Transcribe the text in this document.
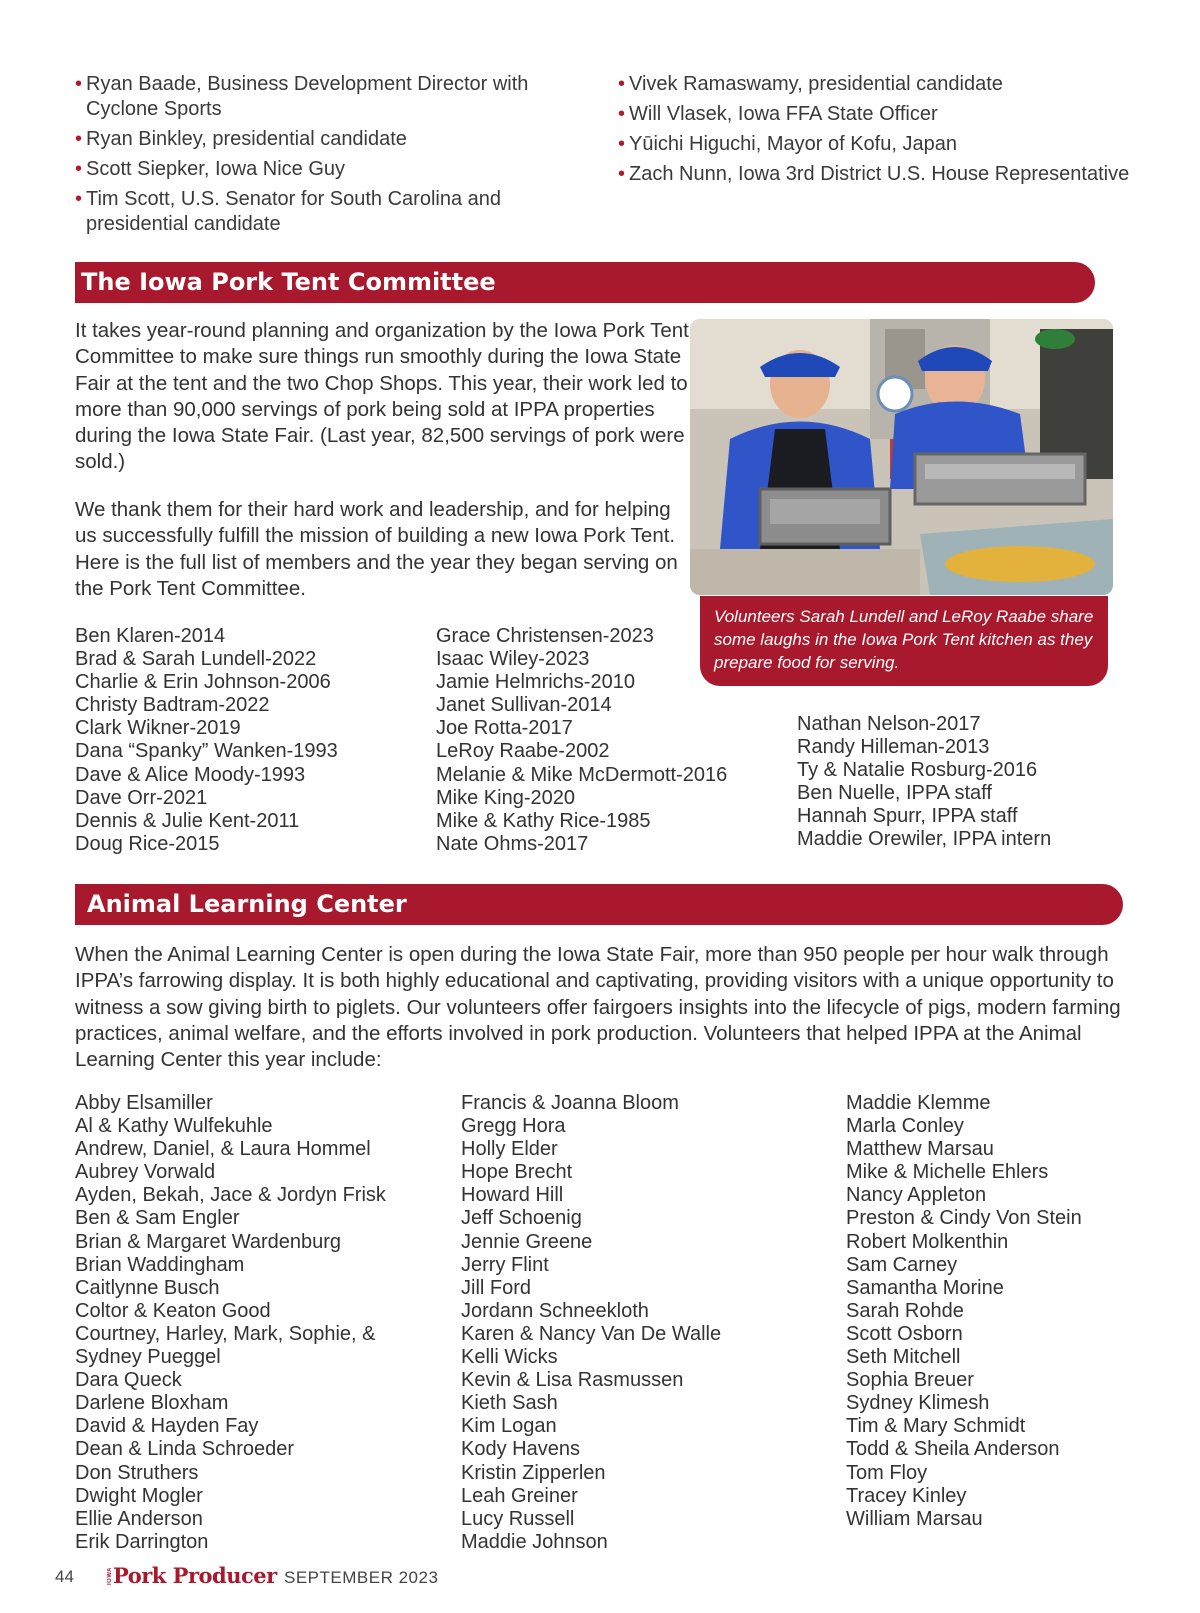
• Ryan Baade, Business Development Director with Cyclone Sports
• Ryan Binkley, presidential candidate
• Scott Siepker, Iowa Nice Guy
• Tim Scott, U.S. Senator for South Carolina and presidential candidate
• Vivek Ramaswamy, presidential candidate
• Will Vlasek, Iowa FFA State Officer
• Yūichi Higuchi, Mayor of Kofu, Japan
• Zach Nunn, Iowa 3rd District U.S. House Representative
The Iowa Pork Tent Committee

It takes year-round planning and organization by the Iowa Pork Tent Committee to make sure things run smoothly during the Iowa State Fair at the tent and the two Chop Shops. This year, their work led to more than 90,000 servings of pork being sold at IPPA properties during the Iowa State Fair. (Last year, 82,500 servings of pork were sold.)

We thank them for their hard work and leadership, and for helping us successfully fulfill the mission of building a new Iowa Pork Tent. Here is the full list of members and the year they began serving on the Pork Tent Committee.

Volunteers Sarah Lundell and LeRoy Raabe share some laughs in the Iowa Pork Tent kitchen as they prepare food for serving.
Ben Klaren-2014
Brad & Sarah Lundell-2022
Charlie & Erin Johnson-2006
Christy Badtram-2022
Clark Wikner-2019
Dana “Spanky” Wanken-1993
Dave & Alice Moody-1993
Dave Orr-2021
Dennis & Julie Kent-2011
Doug Rice-2015
Grace Christensen-2023
Isaac Wiley-2023
Jamie Helmrichs-2010
Janet Sullivan-2014
Joe Rotta-2017
LeRoy Raabe-2002
Melanie & Mike McDermott-2016
Mike King-2020
Mike & Kathy Rice-1985
Nate Ohms-2017
Nathan Nelson-2017
Randy Hilleman-2013
Ty & Natalie Rosburg-2016
Ben Nuelle, IPPA staff
Hannah Spurr, IPPA staff
Maddie Orewiler, IPPA intern
Animal Learning Center

When the Animal Learning Center is open during the Iowa State Fair, more than 950 people per hour walk through IPPA’s farrowing display. It is both highly educational and captivating, providing visitors with a unique opportunity to witness a sow giving birth to piglets. Our volunteers offer fairgoers insights into the lifecycle of pigs, modern farming practices, animal welfare, and the efforts involved in pork production. Volunteers that helped IPPA at the Animal Learning Center this year include:

Abby Elsamiller
Al & Kathy Wulfekuhle
Andrew, Daniel, & Laura Hommel
Aubrey Vorwald
Ayden, Bekah, Jace & Jordyn Frisk
Ben & Sam Engler
Brian & Margaret Wardenburg
Brian Waddingham
Caitlynne Busch
Coltor & Keaton Good
Courtney, Harley, Mark, Sophie, &
Sydney Pueggel
Dara Queck
Darlene Bloxham
David & Hayden Fay
Dean & Linda Schroeder
Don Struthers
Dwight Mogler
Ellie Anderson
Erik Darrington
Francis & Joanna Bloom
Gregg Hora
Holly Elder
Hope Brecht
Howard Hill
Jeff Schoenig
Jennie Greene
Jerry Flint
Jill Ford
Jordann Schneekloth
Karen & Nancy Van De Walle
Kelli Wicks
Kevin & Lisa Rasmussen
Kieth Sash
Kim Logan
Kody Havens
Kristin Zipperlen
Leah Greiner
Lucy Russell
Maddie Johnson
Maddie Klemme
Marla Conley
Matthew Marsau
Mike & Michelle Ehlers
Nancy Appleton
Preston & Cindy Von Stein
Robert Molkenthin
Sam Carney
Samantha Morine
Sarah Rohde
Scott Osborn
Seth Mitchell
Sophia Breuer
Sydney Klimesh
Tim & Mary Schmidt
Todd & Sheila Anderson
Tom Floy
Tracey Kinley
William Marsau
44	IOWAPork Producer SEPTEMBER 2023
